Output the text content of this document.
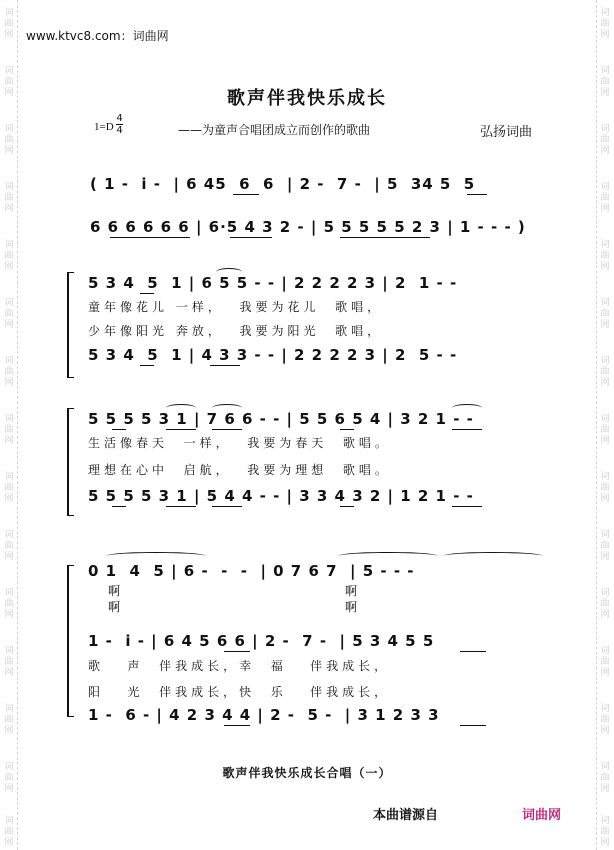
词曲网
词曲网
词曲网
词曲网
词曲网
词曲网
词曲网
词曲网
词曲网
词曲网
词曲网
词曲网
词曲网
词曲网
词曲网
词曲网
词曲网
词曲网
词曲网
词曲网
词曲网
词曲网
词曲网
词曲网
词曲网
词曲网
词曲网
词曲网
词曲网
词曲网
www.ktvc8.com：词曲网
歌声伴我快乐成长
1=D
4
4	——为童声合唱团成立而创作的歌曲	弘扬词曲
( 1 -  i -  | 6 45  6  6  | 2 -  7 -  | 5  34 5  5
6 6 6 6 6 6 | 6·5 4 3 2 - | 5 5 5 5 5 2 3 | 1 - - - )
5 3 4  5  1 | 6 5 5 - - | 2 2 2 2 3 | 2  1 - -
童年像花儿 一样，  我要为花儿  歌唱，
少年像阳光 奔放，  我要为阳光  歌唱，
5 3 4  5  1 | 4 3 3 - - | 2 2 2 2 3 | 2  5 - -
5 5 5 5 3 1 | 7 6 6 - - | 5 5 6 5 4 | 3 2 1 - -
生活像春天  一样，  我要为春天  歌唱。
理想在心中  启航，  我要为理想  歌唱。
5 5 5 5 3 1 | 5 4 4 - - | 3 3 4 3 2 | 1 2 1 - -
0 1  4  5 | 6 -  -  -  | 0 7 6 7  | 5 - - -
啊
啊
啊
啊
1 -  i - | 6 4 5 6 6 | 2 -  7 -  | 5 3 4 5 5
歌   声  伴我成长，幸  福   伴我成长，
阳   光  伴我成长，快  乐   伴我成长，
1 -  6 - | 4 2 3 4 4 | 2 -  5 -  | 3 1 2 3 3
歌声伴我快乐成长合唱（一）
本曲谱源自	词曲网
